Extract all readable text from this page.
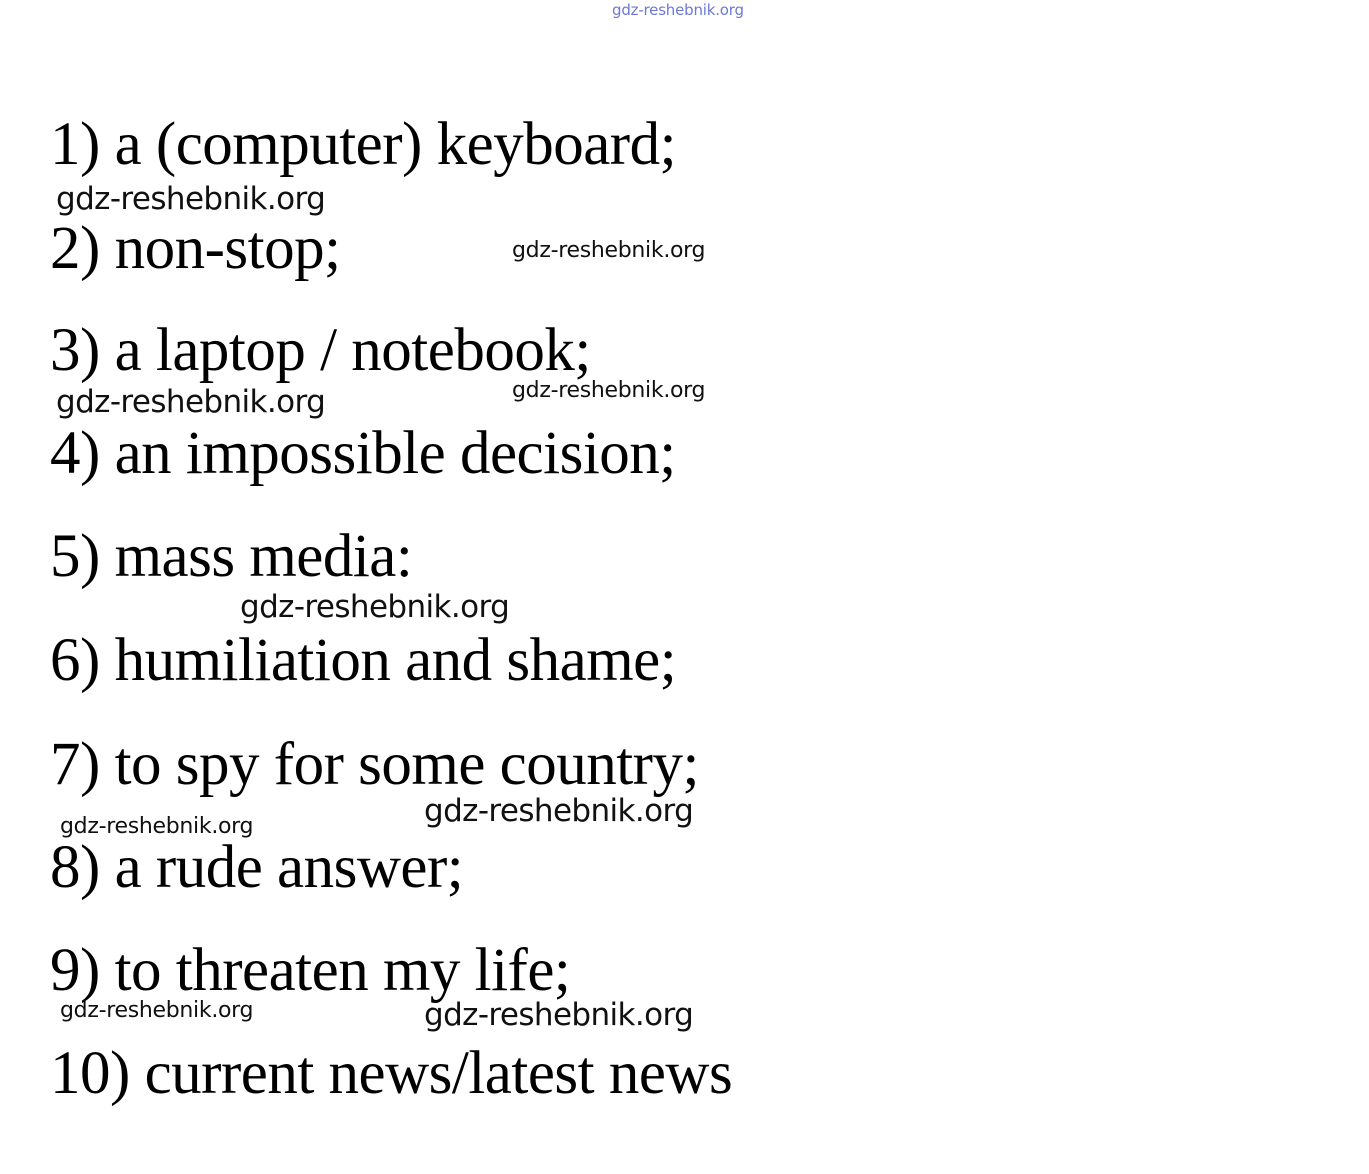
gdz-reshebnik.org
1) a (computer) keyboard;
2) non-stop;
3) a laptop / notebook;
4) an impossible decision;
5) mass media:
6) humiliation and shame;
7) to spy for some country;
8) a rude answer;
9) to threaten my life;
10) current news/latest news
gdz-reshebnik.org
gdz-reshebnik.org
gdz-reshebnik.org
gdz-reshebnik.org
gdz-reshebnik.org
gdz-reshebnik.org
gdz-reshebnik.org
gdz-reshebnik.org	gdz-reshebnik.org
